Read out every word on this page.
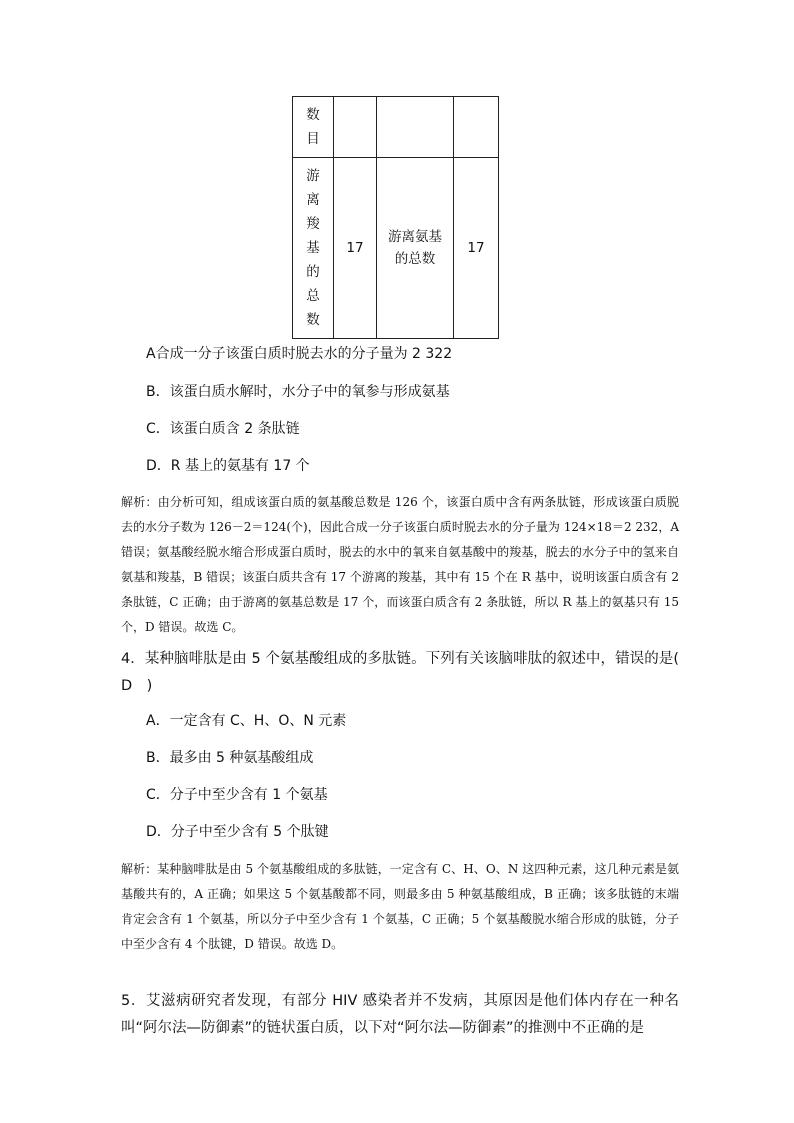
数目			
游离羧基的总数	17	游离氨基的总数	17
A合成一分子该蛋白质时脱去水的分子量为 2 322
B．该蛋白质水解时，水分子中的氧参与形成氨基
C．该蛋白质含 2 条肽链
D．R 基上的氨基有 17 个
解析：由分析可知，组成该蛋白质的氨基酸总数是 126 个，该蛋白质中含有两条肽链，形成该蛋白质脱去的水分子数为 126－2＝124(个)，因此合成一分子该蛋白质时脱去水的分子量为 124×18＝2 232，A 错误；氨基酸经脱水缩合形成蛋白质时，脱去的水中的氧来自氨基酸中的羧基，脱去的水分子中的氢来自氨基和羧基，B 错误；该蛋白质共含有 17 个游离的羧基，其中有 15 个在 R 基中，说明该蛋白质含有 2 条肽链，C 正确；由于游离的氨基总数是 17 个，而该蛋白质含有 2 条肽链，所以 R 基上的氨基只有 15 个，D 错误。故选 C。
4．某种脑啡肽是由 5 个氨基酸组成的多肽链。下列有关该脑啡肽的叙述中，错误的是(　D　)
A．一定含有 C、H、O、N 元素
B．最多由 5 种氨基酸组成
C．分子中至少含有 1 个氨基
D．分子中至少含有 5 个肽键
解析：某种脑啡肽是由 5 个氨基酸组成的多肽链，一定含有 C、H、O、N 这四种元素，这几种元素是氨基酸共有的，A 正确；如果这 5 个氨基酸都不同，则最多由 5 种氨基酸组成，B 正确；该多肽链的末端肯定会含有 1 个氨基，所以分子中至少含有 1 个氨基，C 正确；5 个氨基酸脱水缩合形成的肽链，分子中至少含有 4 个肽键，D 错误。故选 D。
5．艾滋病研究者发现，有部分 HIV 感染者并不发病，其原因是他们体内存在一种名叫“阿尔法—防御素”的链状蛋白质，以下对“阿尔法—防御素”的推测中不正确的是
